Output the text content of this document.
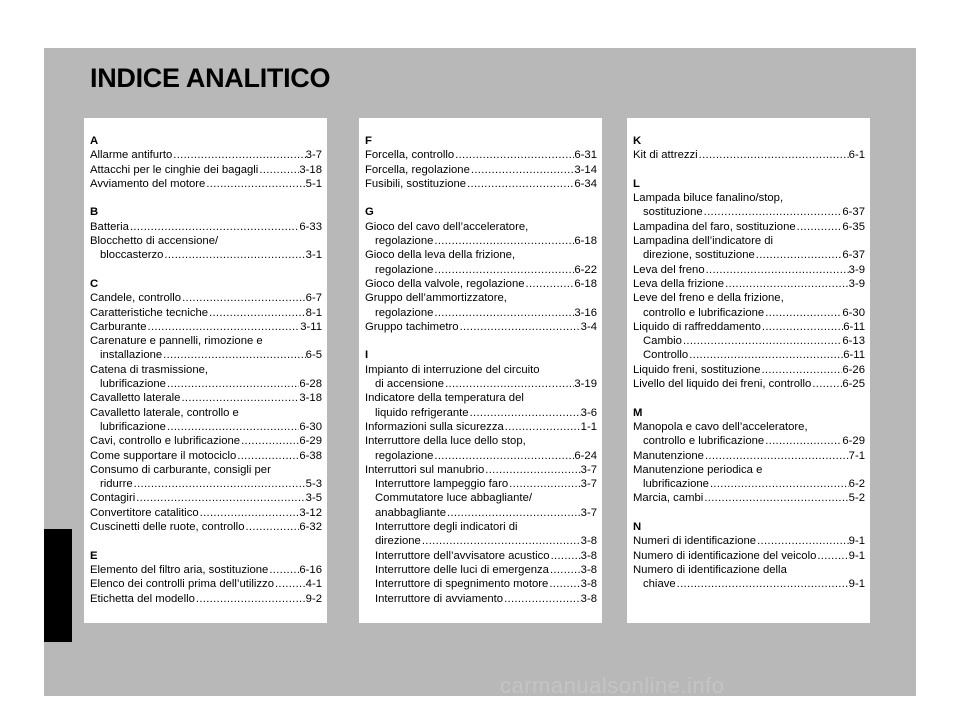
INDICE ANALITICO
A
Allarme antifurto .....	3-7
Attacchi per le cinghie dei bagagli .....	3-18
Avviamento del motore .....	5-1
B
Batteria .....	6-33
Blocchetto di accensione/
bloccasterzo .....	3-1
C
Candele, controllo .....	6-7
Caratteristiche tecniche .....	8-1
Carburante .....	3-11
Carenature e pannelli, rimozione e
installazione .....	6-5
Catena di trasmissione,
lubrificazione .....	6-28
Cavalletto laterale .....	3-18
Cavalletto laterale, controllo e
lubrificazione .....	6-30
Cavi, controllo e lubrificazione .....	6-29
Come supportare il motociclo .....	6-38
Consumo di carburante, consigli per
ridurre .....	5-3
Contagiri .....	3-5
Convertitore catalitico .....	3-12
Cuscinetti delle ruote, controllo .....	6-32
E
Elemento del filtro aria, sostituzione .....	6-16
Elenco dei controlli prima dell’utilizzo .....	4-1
Etichetta del modello .....	9-2
F
Forcella, controllo .....	6-31
Forcella, regolazione .....	3-14
Fusibili, sostituzione .....	6-34
G
Gioco del cavo dell’acceleratore,
regolazione .....	6-18
Gioco della leva della frizione,
regolazione .....	6-22
Gioco della valvole, regolazione .....	6-18
Gruppo dell’ammortizzatore,
regolazione .....	3-16
Gruppo tachimetro .....	3-4
I
Impianto di interruzione del circuito
di accensione .....	3-19
Indicatore della temperatura del
liquido refrigerante .....	3-6
Informazioni sulla sicurezza .....	1-1
Interruttore della luce dello stop,
regolazione .....	6-24
Interruttori sul manubrio .....	3-7
Interruttore lampeggio faro .....	3-7
Commutatore luce abbagliante/
anabbagliante .....	3-7
Interruttore degli indicatori di
direzione .....	3-8
Interruttore dell’avvisatore acustico .....	3-8
Interruttore delle luci di emergenza .....	3-8
Interruttore di spegnimento motore .....	3-8
Interruttore di avviamento .....	3-8
K
Kit di attrezzi .....	6-1
L
Lampada biluce fanalino/stop,
sostituzione .....	6-37
Lampadina del faro, sostituzione .....	6-35
Lampadina dell’indicatore di
direzione, sostituzione .....	6-37
Leva del freno .....	3-9
Leva della frizione .....	3-9
Leve del freno e della frizione,
controllo e lubrificazione .....	6-30
Liquido di raffreddamento .....	6-11
Cambio .....	6-13
Controllo .....	6-11
Liquido freni, sostituzione .....	6-26
Livello del liquido dei freni, controllo .....	6-25
M
Manopola e cavo dell’acceleratore,
controllo e lubrificazione .....	6-29
Manutenzione .....	7-1
Manutenzione periodica e
lubrificazione .....	6-2
Marcia, cambi .....	5-2
N
Numeri di identificazione .....	9-1
Numero di identificazione del veicolo .....	9-1
Numero di identificazione della
chiave .....	9-1
carmanualsonline.info
